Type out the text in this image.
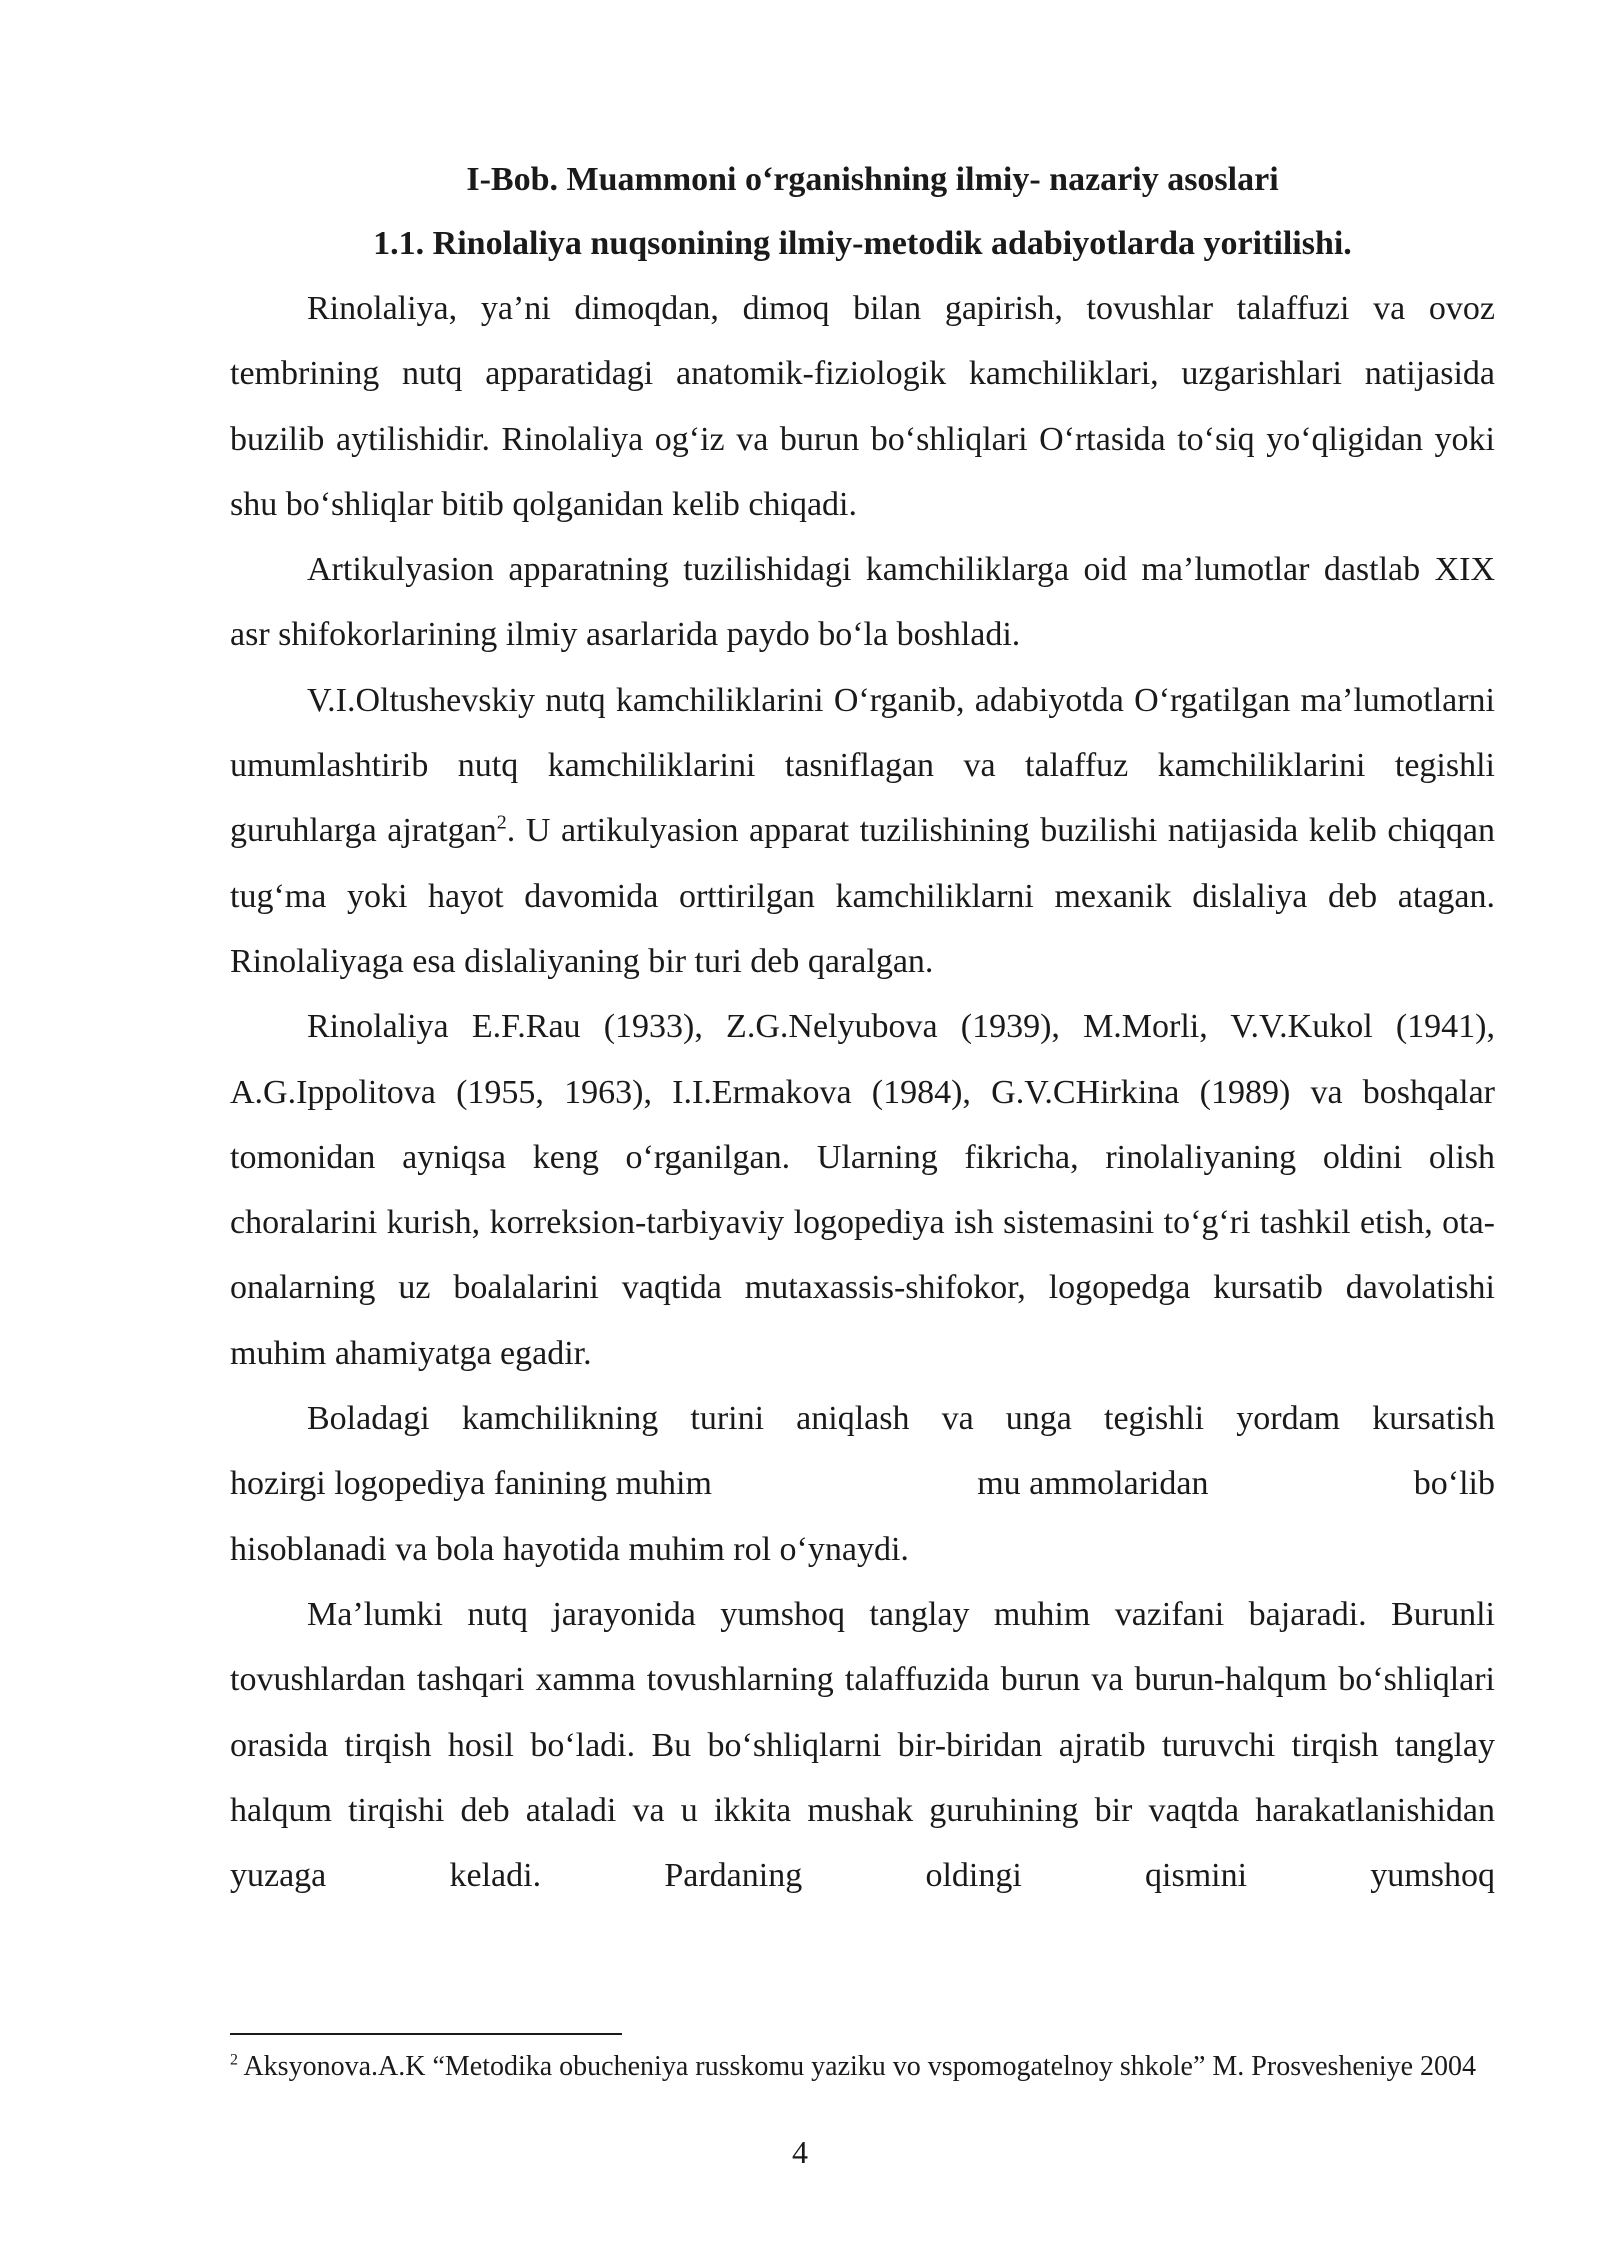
I-Bob. Muammoni oʻrganishning ilmiy- nazariy asoslari

1.1. Rinolaliya nuqsonining ilmiy-metodik adabiyotlarda yoritilishi.

Rinolaliya, ya’ni dimoqdan, dimoq bilan gapirish, tovushlar talaffuzi va ovoz tembrining nutq apparatidagi anatomik-fiziologik kamchiliklari, uzgarishlari natijasida buzilib aytilishidir. Rinolaliya ogʻiz va burun boʻshliqlari Oʻrtasida toʻsiq yoʻqligidan yoki shu boʻshliqlar bitib qolganidan kelib chiqadi.

Artikulyasion apparatning tuzilishidagi kamchiliklarga oid ma’lumotlar dastlab XIX asr shifokorlarining ilmiy asarlarida paydo boʻla boshladi.

V.I.Oltushevskiy nutq kamchiliklarini Oʻrganib, adabiyotda Oʻrgatilgan ma’lumotlarni umumlashtirib nutq kamchiliklarini tasniflagan va talaffuz kamchiliklarini tegishli guruhlarga ajratgan$^2$. U artikulyasion apparat tuzilishining buzilishi natijasida kelib chiqqan tugʻma yoki hayot davomida orttirilgan kamchiliklarni mexanik dislaliya deb atagan. Rinolaliyaga esa dislaliyaning bir turi deb qaralgan.

Rinolaliya E.F.Rau (1933), Z.G.Nelyubova (1939), M.Morli, V.V.Kukol (1941), A.G.Ippolitova (1955, 1963), I.I.Ermakova (1984), G.V.CHirkina (1989) va boshqalar tomonidan ayniqsa keng oʻrganilgan. Ularning fikricha, rinolaliyaning oldini olish choralarini kurish, korreksion-tarbiyaviy logopediya ish sistemasini toʻgʻri tashkil etish, ota-onalarning uz boalalarini vaqtida mutaxassis-shifokor, logopedga kursatib davolatishi muhim ahamiyatga egadir.

Boladagi kamchilikning turini aniqlash va unga tegishli yordam kursatish

hozirgi logopediya fanining muhim	mu ammolaridan	boʻlib

hisoblanadi va bola hayotida muhim rol oʻynaydi.

Ma’lumki nutq jarayonida yumshoq tanglay muhim vazifani bajaradi. Burunli tovushlardan tashqari xamma tovushlarning talaffuzida burun va burun-halqum boʻshliqlari orasida tirqish hosil boʻladi. Bu boʻshliqlarni bir-biridan ajratib turuvchi tirqish tanglay halqum tirqishi deb ataladi va u ikkita mushak guruhining bir vaqtda harakatlanishidan yuzaga keladi. Pardaning oldingi qismini yumshoq

$^2$ Aksyonova.A.K “Metodika obucheniya russkomu yaziku vo vspomogatelnoy shkole” M. Prosvesheniye 2004
4
